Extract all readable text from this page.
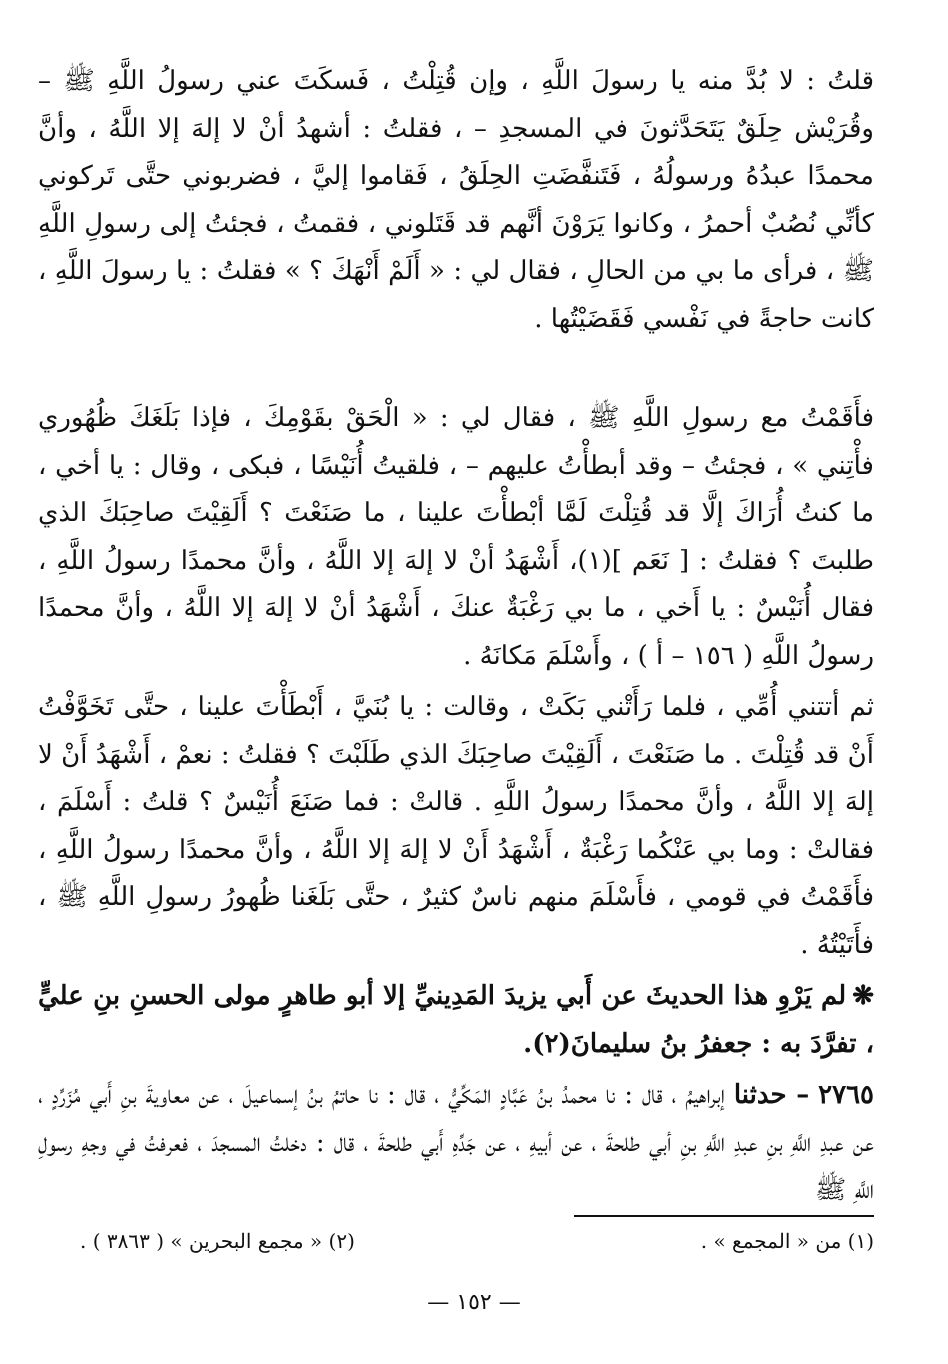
قلتُ : لا بُدَّ منه يا رسولَ اللَّهِ ، وإن قُتِلْتُ ، فَسكَتَ عني رسولُ اللَّهِ ﷺ – وقُرَيْش حِلَقٌ يَتَحَدَّثونَ في المسجدِ – ، فقلتُ : أشهدُ أنْ لا إلهَ إلا اللَّهُ ، وأنَّ محمدًا عبدُهُ ورسولُهُ ، فَتَنفَّضَتِ الحِلَقُ ، فَقاموا إليَّ ، فضربوني حتَّى تَركوني كأنِّي نُصُبٌ أحمرُ ، وكانوا يَرَوْنَ أنَّهم قد قَتَلوني ، فقمتُ ، فجئتُ إلى رسولِ اللَّهِ ﷺ ، فرأى ما بي من الحالِ ، فقال لي : « أَلَمْ أَنْهَكَ ؟ » فقلتُ : يا رسولَ اللَّهِ ، كانت حاجةً في نَفْسي فَقَضَيْتُها .

فأَقَمْتُ مع رسولِ اللَّهِ ﷺ ، فقال لي : « الْحَقْ بقَوْمِكَ ، فإذا بَلَغَكَ ظُهُوري فأْتِني » ، فجئتُ – وقد أبطأْتُ عليهم – ، فلقيتُ أُنَيْسًا ، فبكى ، وقال : يا أخي ، ما كنتُ أُرَاكَ إلَّا قد قُتِلْتَ لَمَّا أبْطأْتَ علينا ، ما صَنَعْتَ ؟ أَلَقِيْتَ صاحِبَكَ الذي طلبتَ ؟ فقلتُ : [ نَعَم ](١)، أَشْهَدُ أنْ لا إلهَ إلا اللَّهُ ، وأنَّ محمدًا رسولُ اللَّهِ ، فقال أُنَيْسٌ : يا أَخي ، ما بي رَغْبَةٌ عنكَ ، أَشْهَدُ أنْ لا إلهَ إلا اللَّهُ ، وأنَّ محمدًا رسولُ اللَّهِ ( ١٥٦ – أ ) ، وأَسْلَمَ مَكانَهُ .

ثم أتتني أُمِّي ، فلما رَأَتْني بَكَتْ ، وقالت : يا بُنَيَّ ، أَبْطَأْتَ علينا ، حتَّى تَخَوَّفْتُ أَنْ قد قُتِلْتَ . ما صَنَعْتَ ، أَلَقِيْتَ صاحِبَكَ الذي طَلَبْتَ ؟ فقلتُ : نعمْ ، أَشْهَدُ أَنْ لا إلهَ إلا اللَّهُ ، وأنَّ محمدًا رسولُ اللَّهِ . قالتْ : فما صَنَعَ أُنَيْسٌ ؟ قلتُ : أَسْلَمَ ، فقالتْ : وما بي عَنْكُما رَغْبَةٌ ، أَشْهَدُ أَنْ لا إلهَ إلا اللَّهُ ، وأنَّ محمدًا رسولُ اللَّهِ ، فأَقَمْتُ في قومي ، فأَسْلَمَ منهم ناسٌ كثيرٌ ، حتَّى بَلَغَنا ظُهورُ رسولِ اللَّهِ ﷺ ، فأَتَيْتُهُ .

❋لم يَرْوِ هذا الحديثَ عن أَبي يزيدَ المَدِينيِّ إلا أبو طاهرٍ مولى الحسنِ بنِ عليٍّ ، تفرَّدَ به : جعفرُ بنُ سليمانَ(٢).

٢٧٦٥ – حدثنا إبراهيمُ ، قال : نا محمدُ بنُ عَبَّادٍ المَكِّيُّ ، قال : نا حاتمُ بنُ إسماعيلَ ، عن معاويةَ بنِ أَبي مُزَرِّدٍ ، عن عبدِ اللَّهِ بنِ عبدِ اللَّهِ بنِ أبي طلحةَ ، عن أبيهِ ، عن جَدِّهِ أَبي طلحةَ ، قال : دخلتُ المسجدَ ، فعرفتُ في وجهِ رسولِ اللَّهِ ﷺ

(١) من « المجمع » .
(٢) « مجمع البحرين » ( ٣٨٦٣ ) .
— ١٥٢ —
